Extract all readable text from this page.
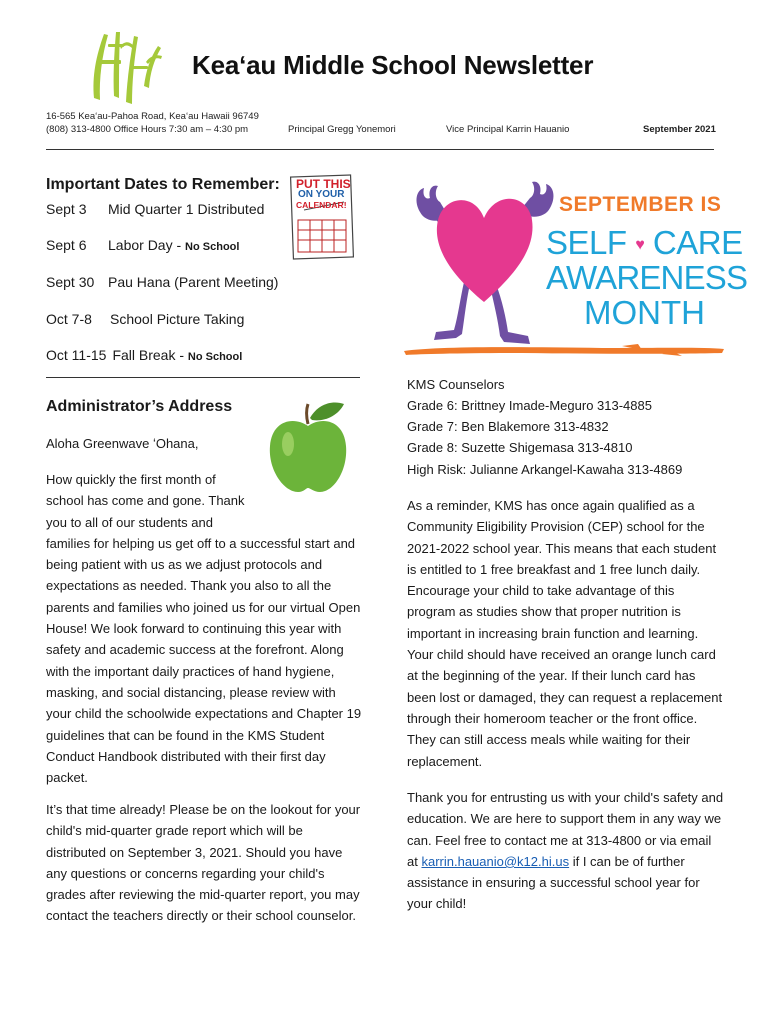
Keaʻau Middle School Newsletter
16-565 Keaʻau-Pahoa Road, Keaʻau Hawaii 96749
(808) 313-4800 Office Hours 7:30 am – 4:30 pm	Principal Gregg Yonemori	Vice Principal Karrin Hauanio	September 2021
Important Dates to Remember: PUT THIS
ON YOUR
CALENDAR!
Sept 3 Mid Quarter 1 Distributed
Sept 6 Labor Day - No School
Sept 30 Pau Hana (Parent Meeting)
Oct 7-8 School Picture Taking
Oct 11-15 Fall Break - No School
SEPTEMBER IS
SELF ♥ CARE
AWARENESS
MONTH
Administrator’s Address
Aloha Greenwave ʻOhana,
How quickly the first month of school has come and gone. Thank you to all of our students and families for helping us get off to a successful start and being patient with us as we adjust protocols and expectations as needed. Thank you also to all the parents and families who joined us for our virtual Open House! We look forward to continuing this year with safety and academic success at the forefront. Along with the important daily practices of hand hygiene, masking, and social distancing, please review with your child the schoolwide expectations and Chapter 19 guidelines that can be found in the KMS Student Conduct Handbook distributed with their first day packet.
It’s that time already! Please be on the lookout for your child's mid-quarter grade report which will be distributed on September 3, 2021. Should you have any questions or concerns regarding your child's grades after reviewing the mid-quarter report, you may contact the teachers directly or their school counselor.
KMS Counselors
Grade 6: Brittney Imade-Meguro 313-4885
Grade 7: Ben Blakemore 313-4832
Grade 8: Suzette Shigemasa 313-4810
High Risk: Julianne Arkangel-Kawaha 313-4869
As a reminder, KMS has once again qualified as a Community Eligibility Provision (CEP) school for the 2021-2022 school year. This means that each student is entitled to 1 free breakfast and 1 free lunch daily. Encourage your child to take advantage of this program as studies show that proper nutrition is important in increasing brain function and learning. Your child should have received an orange lunch card at the beginning of the year. If their lunch card has been lost or damaged, they can request a replacement through their homeroom teacher or the front office. They can still access meals while waiting for their replacement.
Thank you for entrusting us with your child's safety and education. We are here to support them in any way we can. Feel free to contact me at 313-4800 or via email at karrin.hauanio@k12.hi.us if I can be of further assistance in ensuring a successful school year for your child!
